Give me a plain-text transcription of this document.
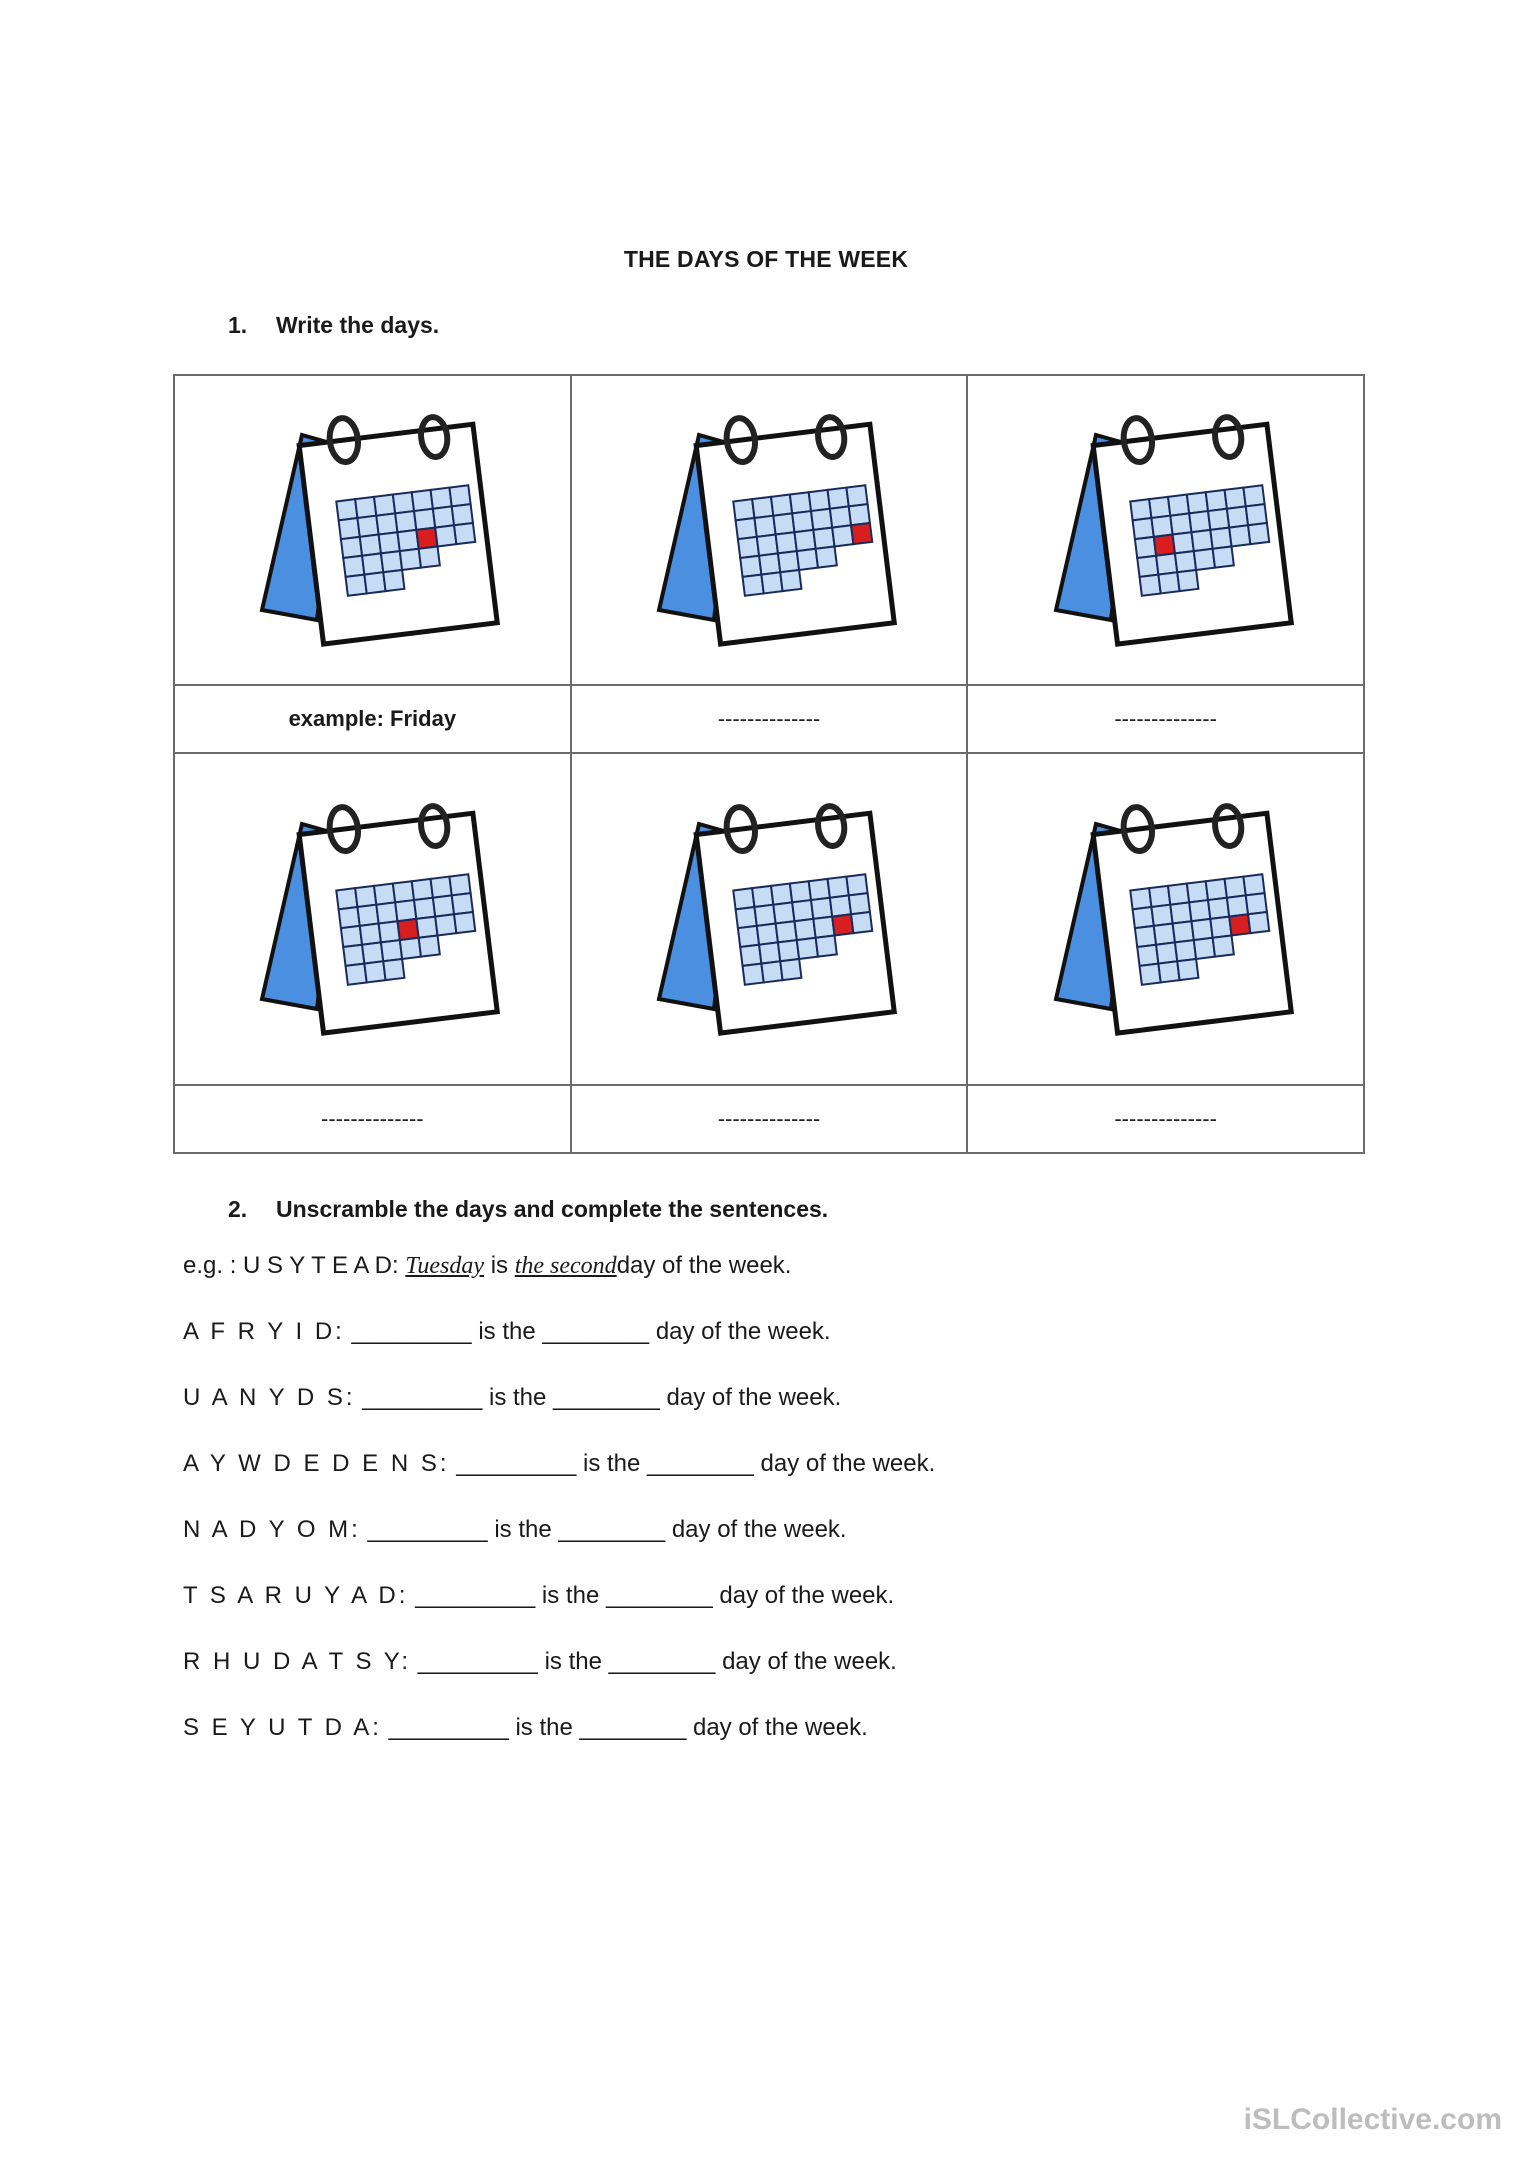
THE DAYS OF THE WEEK
1. Write the days.

example: Friday	--------------	--------------

--------------	--------------	--------------
2. Unscramble the days and complete the sentences.
e.g. : U S Y T E A D: Tuesday is the secondday of the week.
A F R Y I D: _________ is the ________ day of the week.
U A N Y D S: _________ is the ________ day of the week.
A Y W D E D E N S: _________ is the ________ day of the week.
N A D Y O M: _________ is the ________ day of the week.
T S A R U Y A D: _________ is the ________ day of the week.
R H U D A T S Y: _________ is the ________ day of the week.
S E Y U T D A: _________ is the ________ day of the week.
iSLCollective.com
